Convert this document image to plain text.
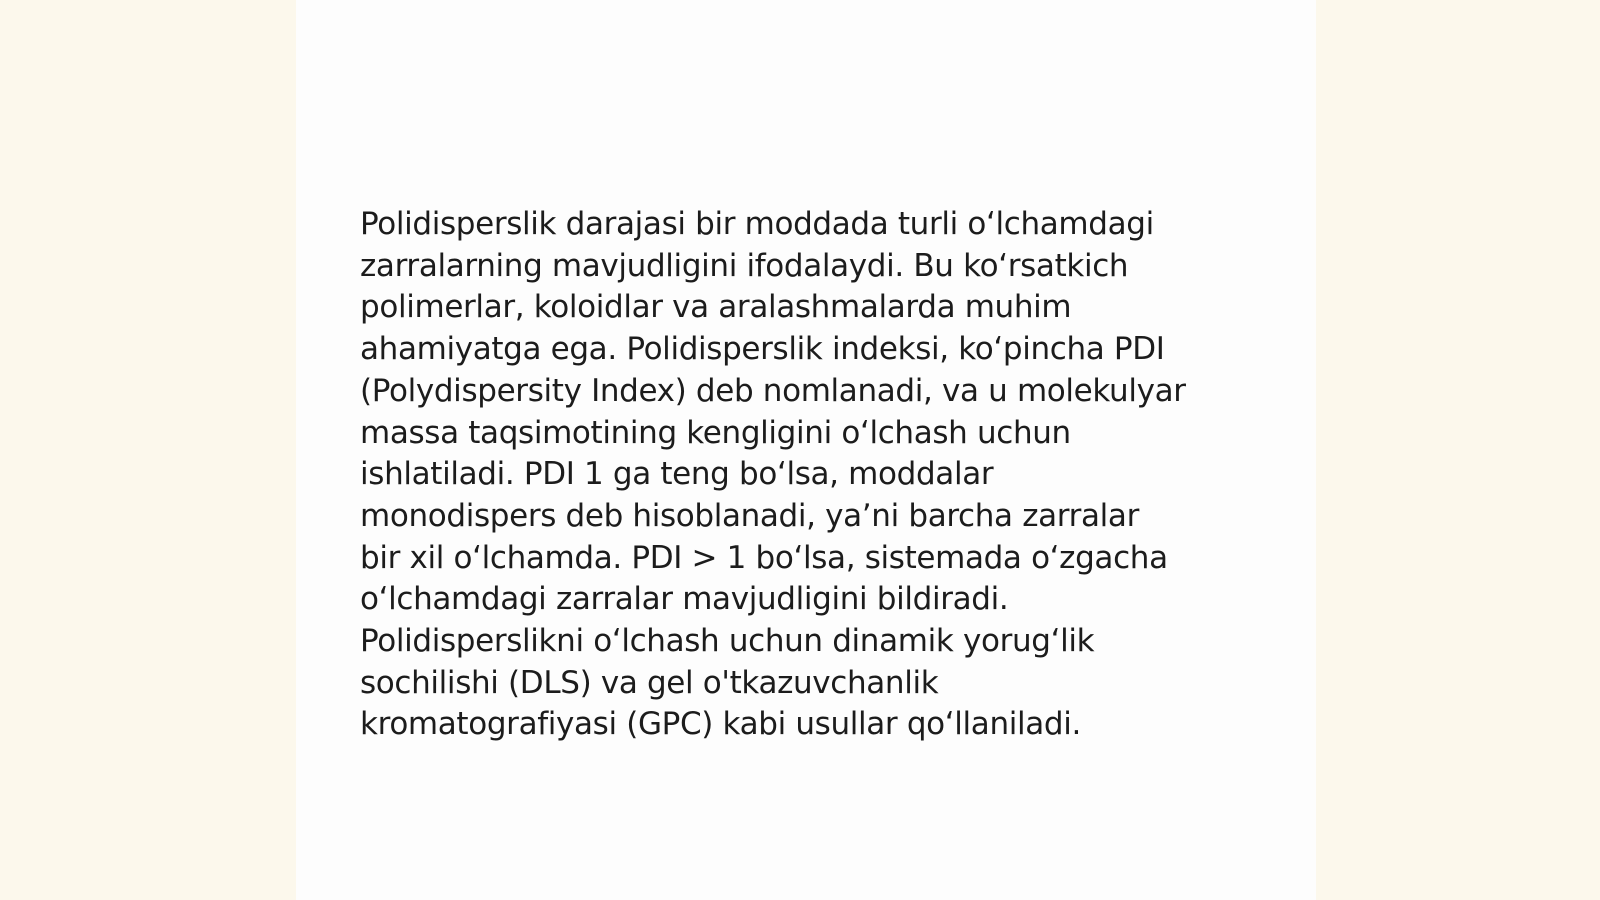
Polidisperslik darajasi bir moddada turli o‘lchamdagi
zarralarning mavjudligini ifodalaydi. Bu ko‘rsatkich
polimerlar, koloidlar va aralashmalarda muhim
ahamiyatga ega. Polidisperslik indeksi, ko‘pincha PDI
(Polydispersity Index) deb nomlanadi, va u molekulyar
massa taqsimotining kengligini o‘lchash uchun
ishlatiladi. PDI 1 ga teng bo‘lsa, moddalar
monodispers deb hisoblanadi, ya’ni barcha zarralar
bir xil o‘lchamda. PDI > 1 bo‘lsa, sistemada o‘zgacha
o‘lchamdagi zarralar mavjudligini bildiradi.
Polidisperslikni o‘lchash uchun dinamik yorug‘lik
sochilishi (DLS) va gel o'tkazuvchanlik
kromatografiyasi (GPC) kabi usullar qo‘llaniladi.
